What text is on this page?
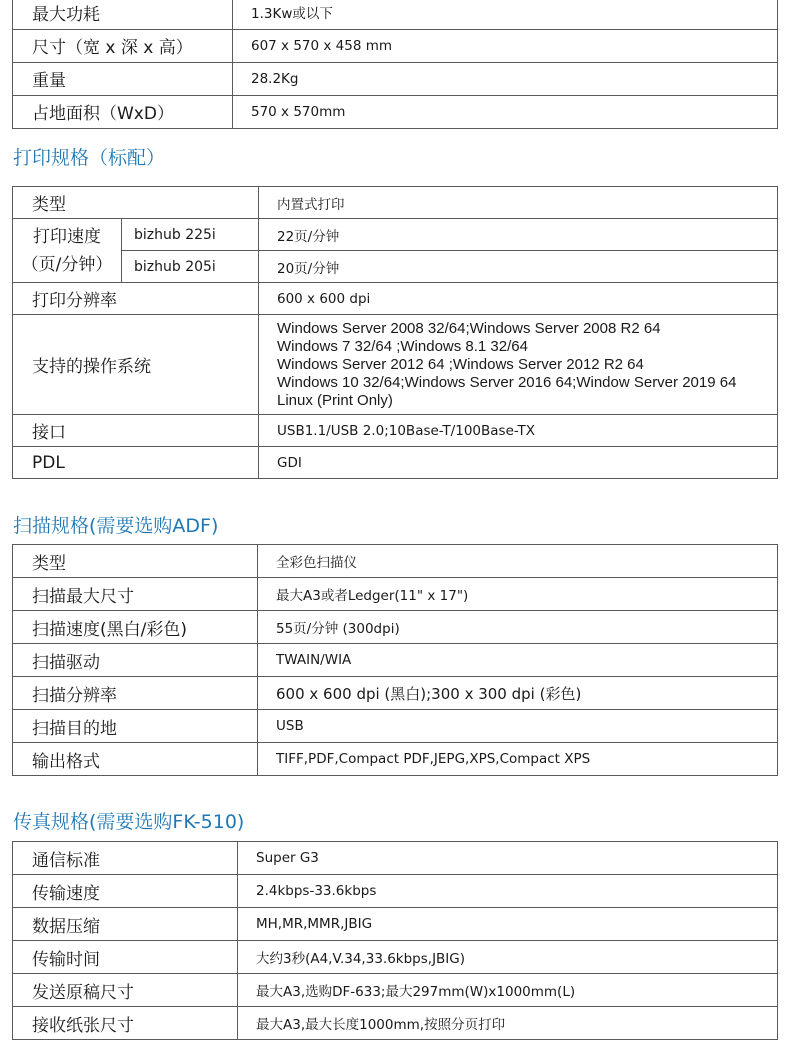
最大功耗	1.3Kw或以下
尺寸（宽 x 深 x 高）	607 x 570 x 458 mm
重量	28.2Kg
占地面积（WxD）	570 x 570mm
打印规格（标配）
类型		内置式打印

打印速度
（页/分钟）	bizhub 225i	22页/分钟
	bizhub 205i	20页/分钟
打印分辨率		600 x 600 dpi
支持的操作系统		Windows Server 2008 32/64;Windows Server 2008 R2 64
Windows 7 32/64 ;Windows 8.1 32/64
Windows Server 2012 64 ;Windows Server 2012 R2 64
Windows 10 32/64;Windows Server 2016 64;Window Server 2019 64
Linux (Print Only)

接口		USB1.1/USB 2.0;10Base-T/100Base-TX
PDL		GDI
扫描规格(需要选购ADF)
类型	全彩色扫描仪
扫描最大尺寸	最大A3或者Ledger(11" x 17")
扫描速度(黑白/彩色)	55页/分钟 (300dpi)
扫描驱动	TWAIN/WIA
扫描分辨率	600 x 600 dpi (黑白);300 x 300 dpi (彩色)
扫描目的地	USB
输出格式	TIFF,PDF,Compact PDF,JEPG,XPS,Compact XPS
传真规格(需要选购FK-510)
通信标准	Super G3
传输速度	2.4kbps-33.6kbps
数据压缩	MH,MR,MMR,JBIG
传输时间	大约3秒(A4,V.34,33.6kbps,JBIG)
发送原稿尺寸	最大A3,选购DF-633;最大297mm(W)x1000mm(L)
接收纸张尺寸	最大A3,最大长度1000mm,按照分页打印
